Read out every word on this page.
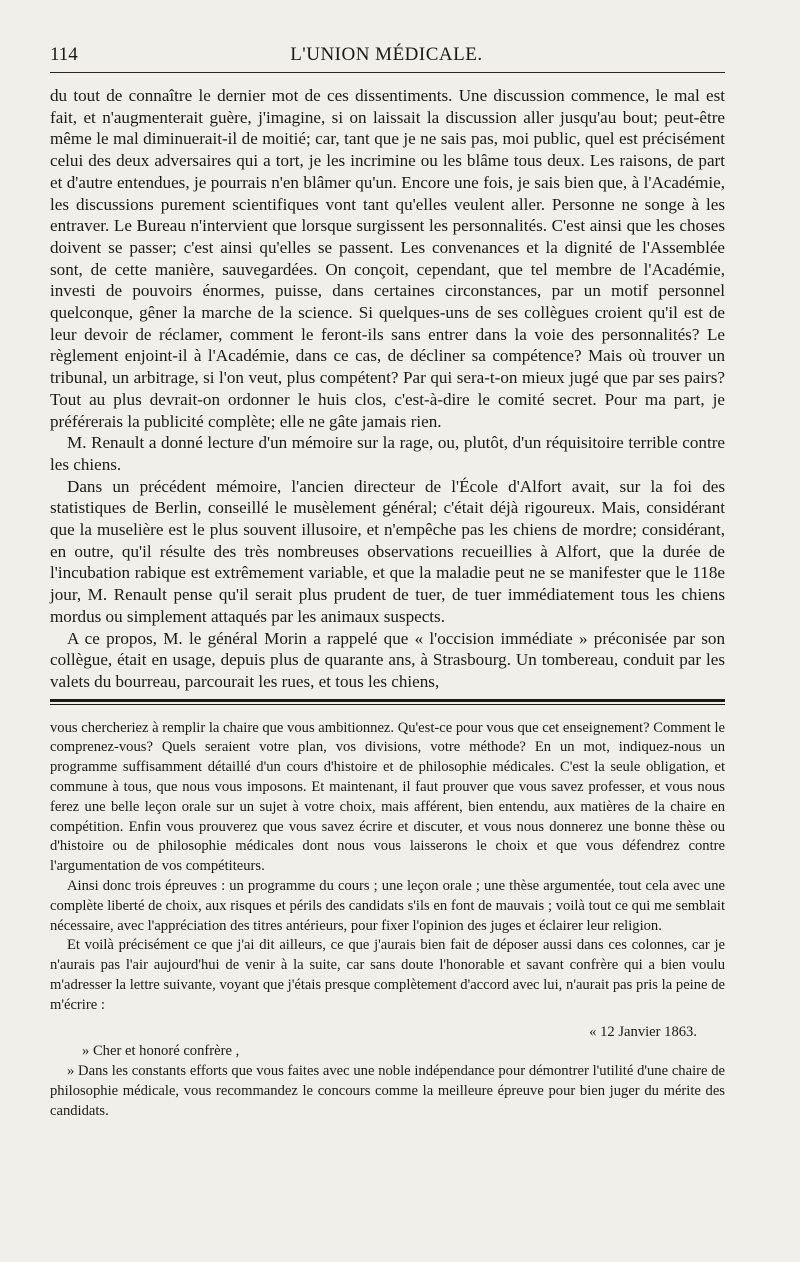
114	L'UNION MÉDICALE.

du tout de connaître le dernier mot de ces dissentiments. Une discussion commence, le mal est fait, et n'augmenterait guère, j'imagine, si on laissait la discussion aller jusqu'au bout; peut-être même le mal diminuerait-il de moitié; car, tant que je ne sais pas, moi public, quel est précisément celui des deux adversaires qui a tort, je les incrimine ou les blâme tous deux. Les raisons, de part et d'autre entendues, je pourrais n'en blâmer qu'un. Encore une fois, je sais bien que, à l'Académie, les discussions purement scientifiques vont tant qu'elles veulent aller. Personne ne songe à les entraver. Le Bureau n'intervient que lorsque surgissent les personnalités. C'est ainsi que les choses doivent se passer; c'est ainsi qu'elles se passent. Les convenances et la dignité de l'Assemblée sont, de cette manière, sauvegardées. On conçoit, cependant, que tel membre de l'Académie, investi de pouvoirs énormes, puisse, dans certaines circonstances, par un motif personnel quelconque, gêner la marche de la science. Si quelques-uns de ses collègues croient qu'il est de leur devoir de réclamer, comment le feront-ils sans entrer dans la voie des personnalités? Le règlement enjoint-il à l'Académie, dans ce cas, de décliner sa compétence? Mais où trouver un tribunal, un arbitrage, si l'on veut, plus compétent? Par qui sera-t-on mieux jugé que par ses pairs? Tout au plus devrait-on ordonner le huis clos, c'est-à-dire le comité secret. Pour ma part, je préférerais la publicité complète; elle ne gâte jamais rien.

M. Renault a donné lecture d'un mémoire sur la rage, ou, plutôt, d'un réquisitoire terrible contre les chiens.

Dans un précédent mémoire, l'ancien directeur de l'École d'Alfort avait, sur la foi des statistiques de Berlin, conseillé le musèlement général; c'était déjà rigoureux. Mais, considérant que la muselière est le plus souvent illusoire, et n'empêche pas les chiens de mordre; considérant, en outre, qu'il résulte des très nombreuses observations recueillies à Alfort, que la durée de l'incubation rabique est extrêmement variable, et que la maladie peut ne se manifester que le 118e jour, M. Renault pense qu'il serait plus prudent de tuer, de tuer immédiatement tous les chiens mordus ou simplement attaqués par les animaux suspects.

A ce propos, M. le général Morin a rappelé que « l'occision immédiate » préconisée par son collègue, était en usage, depuis plus de quarante ans, à Strasbourg. Un tombereau, conduit par les valets du bourreau, parcourait les rues, et tous les chiens,

vous chercheriez à remplir la chaire que vous ambitionnez. Qu'est-ce pour vous que cet enseignement? Comment le comprenez-vous? Quels seraient votre plan, vos divisions, votre méthode? En un mot, indiquez-nous un programme suffisamment détaillé d'un cours d'histoire et de philosophie médicales. C'est la seule obligation, et commune à tous, que nous vous imposons. Et maintenant, il faut prouver que vous savez professer, et vous nous ferez une belle leçon orale sur un sujet à votre choix, mais afférent, bien entendu, aux matières de la chaire en compétition. Enfin vous prouverez que vous savez écrire et discuter, et vous nous donnerez une bonne thèse ou d'histoire ou de philosophie médicales dont nous vous laisserons le choix et que vous défendrez contre l'argumentation de vos compétiteurs.

Ainsi donc trois épreuves : un programme du cours ; une leçon orale ; une thèse argumentée, tout cela avec une complète liberté de choix, aux risques et périls des candidats s'ils en font de mauvais ; voilà tout ce qui me semblait nécessaire, avec l'appréciation des titres antérieurs, pour fixer l'opinion des juges et éclairer leur religion.

Et voilà précisément ce que j'ai dit ailleurs, ce que j'aurais bien fait de déposer aussi dans ces colonnes, car je n'aurais pas l'air aujourd'hui de venir à la suite, car sans doute l'honorable et savant confrère qui a bien voulu m'adresser la lettre suivante, voyant que j'étais presque complètement d'accord avec lui, n'aurait pas pris la peine de m'écrire :

« 12 Janvier 1863.

» Cher et honoré confrère ,

» Dans les constants efforts que vous faites avec une noble indépendance pour démontrer l'utilité d'une chaire de philosophie médicale, vous recommandez le concours comme la meilleure épreuve pour bien juger du mérite des candidats.
